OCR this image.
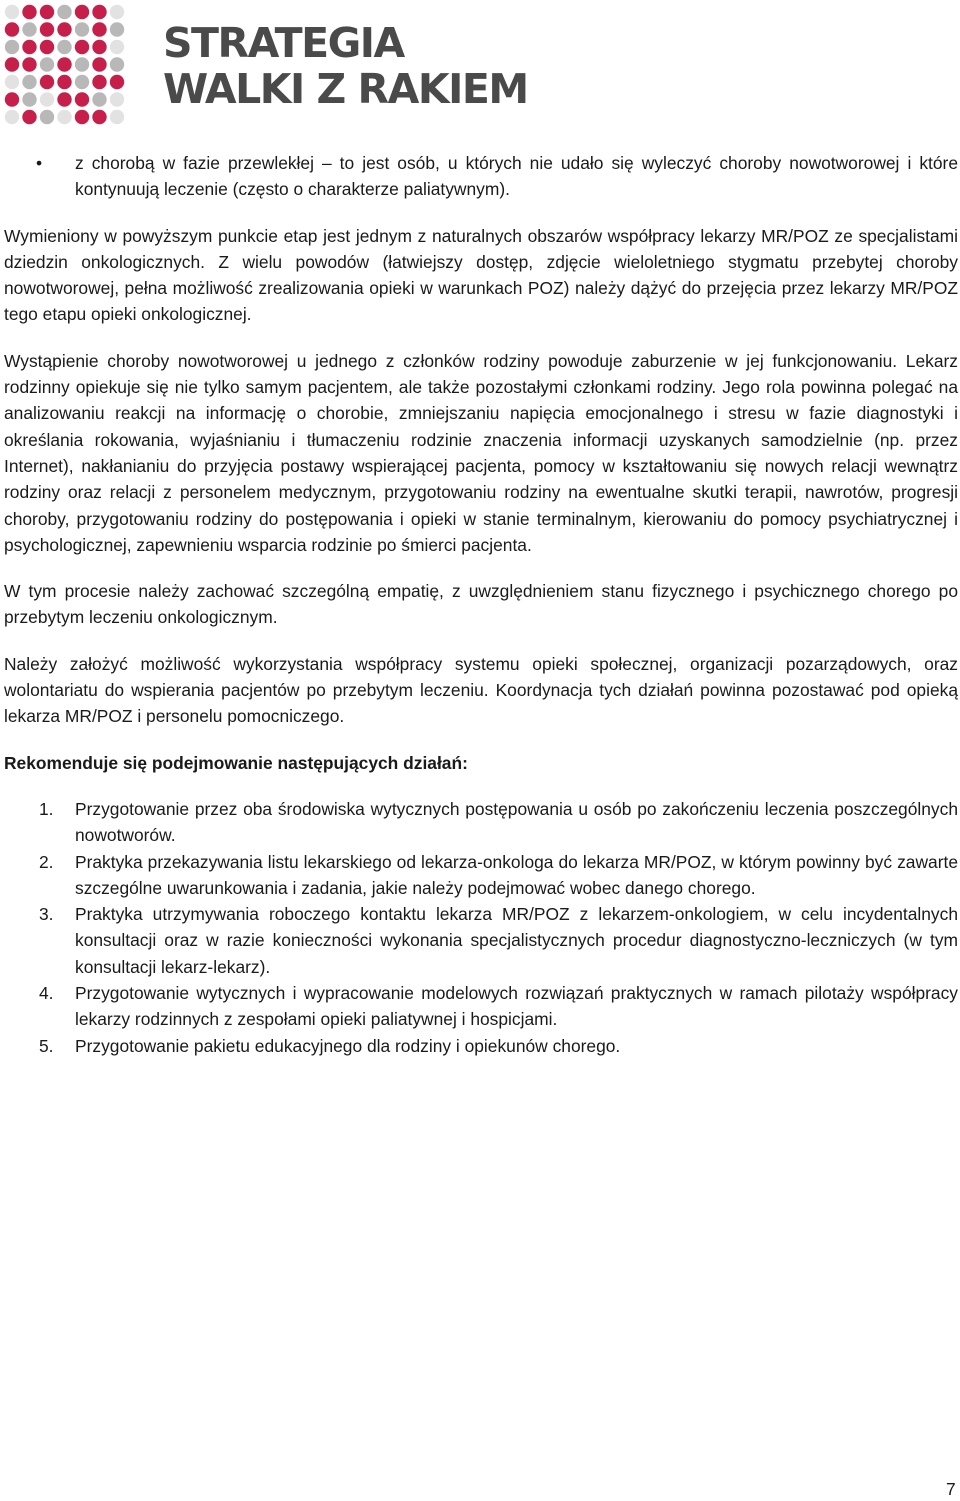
STRATEGIA
WALKI Z RAKIEM
• z chorobą w fazie przewlekłej – to jest osób, u których nie udało się wyleczyć choroby nowotworowej i które kontynuują leczenie (często o charakterze paliatywnym).

Wymieniony w powyższym punkcie etap jest jednym z naturalnych obszarów współpracy lekarzy MR/POZ ze specjalistami dziedzin onkologicznych. Z wielu powodów (łatwiejszy dostęp, zdjęcie wieloletniego stygmatu przebytej choroby nowotworowej, pełna możliwość zrealizowania opieki w warunkach POZ) należy dążyć do przejęcia przez lekarzy MR/POZ tego etapu opieki onkologicznej.

Wystąpienie choroby nowotworowej u jednego z członków rodziny powoduje zaburzenie w jej funkcjonowaniu. Lekarz rodzinny opiekuje się nie tylko samym pacjentem, ale także pozostałymi członkami rodziny. Jego rola powinna polegać na analizowaniu reakcji na informację o chorobie, zmniejszaniu napięcia emocjonalnego i stresu w fazie diagnostyki i określania rokowania, wyjaśnianiu i tłumaczeniu rodzinie znaczenia informacji uzyskanych samodzielnie (np. przez Internet), nakłanianiu do przyjęcia postawy wspierającej pacjenta, pomocy w kształtowaniu się nowych relacji wewnątrz rodziny oraz relacji z personelem medycznym, przygotowaniu rodziny na ewentualne skutki terapii, nawrotów, progresji choroby, przygotowaniu rodziny do postępowania i opieki w stanie terminalnym, kierowaniu do pomocy psychiatrycznej i psychologicznej, zapewnieniu wsparcia rodzinie po śmierci pacjenta.

W tym procesie należy zachować szczególną empatię, z uwzględnieniem stanu fizycznego i psychicznego chorego po przebytym leczeniu onkologicznym.

Należy założyć możliwość wykorzystania współpracy systemu opieki społecznej, organizacji pozarządowych, oraz wolontariatu do wspierania pacjentów po przebytym leczeniu. Koordynacja tych działań powinna pozostawać pod opieką lekarza MR/POZ i personelu pomocniczego.

Rekomenduje się podejmowanie następujących działań:

1. Przygotowanie przez oba środowiska wytycznych postępowania u osób po zakończeniu leczenia poszczególnych nowotworów.
2. Praktyka przekazywania listu lekarskiego od lekarza-onkologa do lekarza MR/POZ, w którym powinny być zawarte szczególne uwarunkowania i zadania, jakie należy podejmować wobec danego chorego.
3. Praktyka utrzymywania roboczego kontaktu lekarza MR/POZ z lekarzem-onkologiem, w celu incydentalnych konsultacji oraz w razie konieczności wykonania specjalistycznych procedur diagnostyczno-leczniczych (w tym konsultacji lekarz-lekarz).
4. Przygotowanie wytycznych i wypracowanie modelowych rozwiązań praktycznych w ramach pilotaży współpracy lekarzy rodzinnych z zespołami opieki paliatywnej i hospicjami.
5. Przygotowanie pakietu edukacyjnego dla rodziny i opiekunów chorego.
7
